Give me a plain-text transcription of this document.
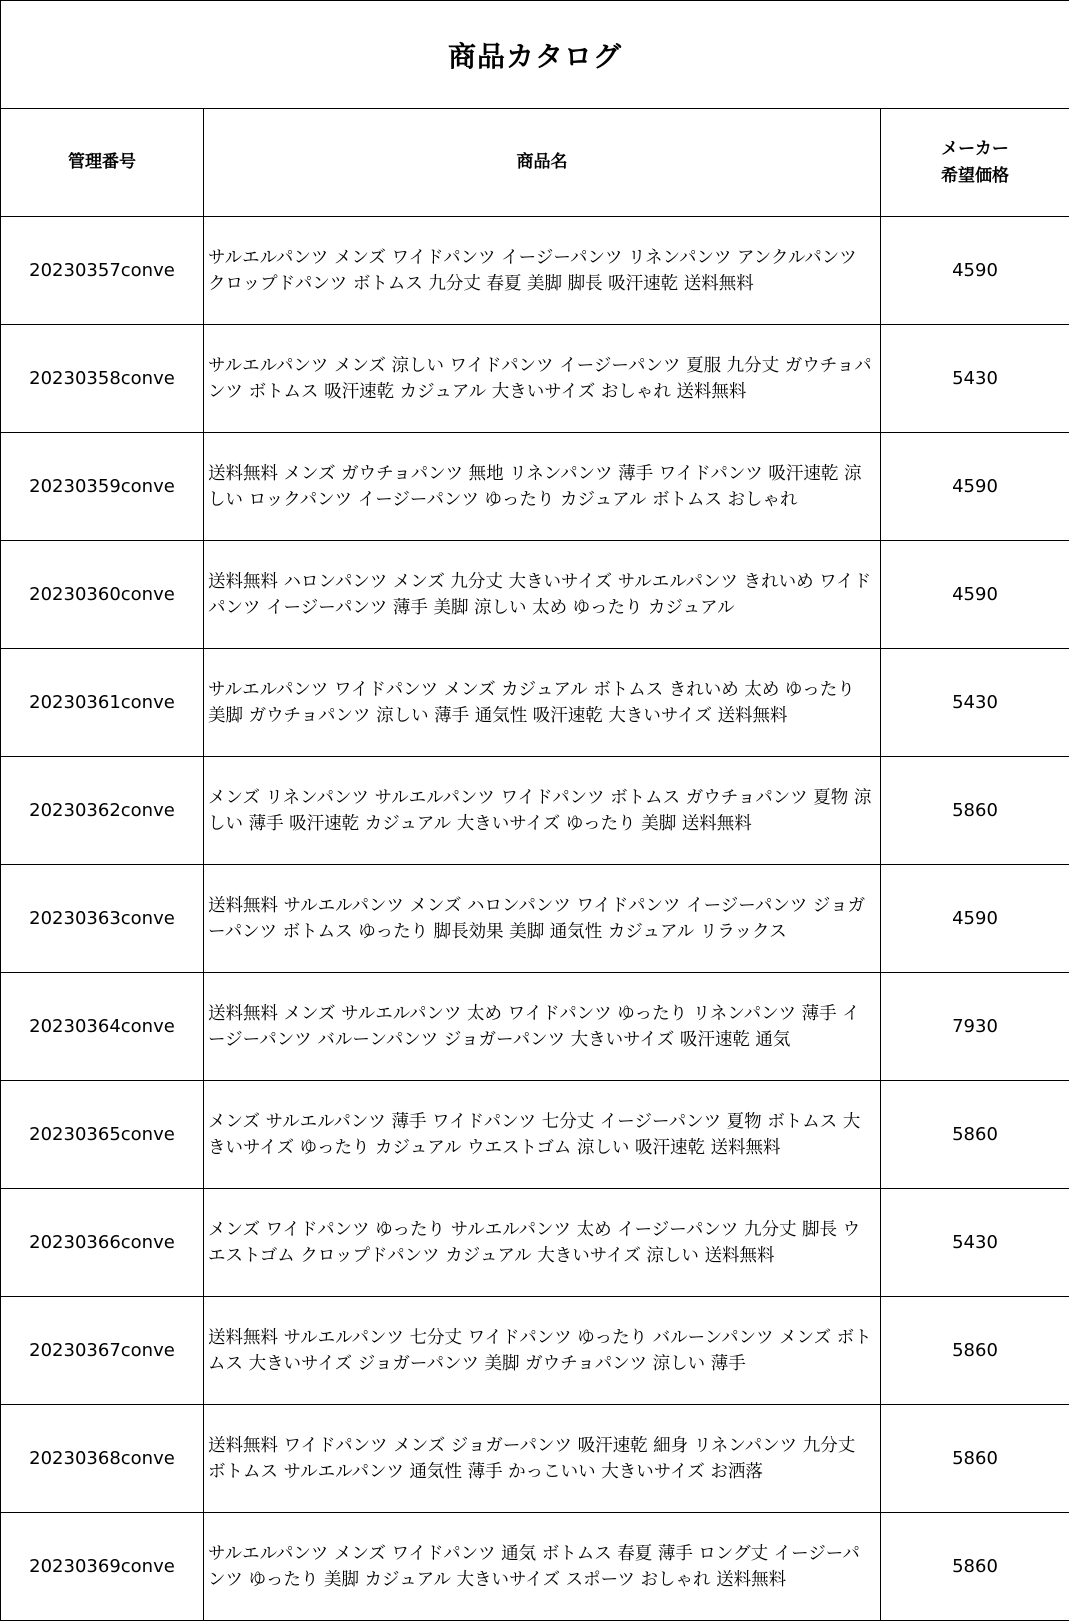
商品カタログ		
管理番号	商品名	メーカー
希望価格

20230357conve	サルエルパンツ メンズ ワイドパンツ イージーパンツ リネンパンツ アンクルパンツ クロップドパンツ ボトムス 九分丈 春夏 美脚 脚長 吸汗速乾 送料無料	4590
20230358conve	サルエルパンツ メンズ 涼しい ワイドパンツ イージーパンツ 夏服 九分丈 ガウチョパンツ ボトムス 吸汗速乾 カジュアル 大きいサイズ おしゃれ 送料無料	5430
20230359conve	送料無料 メンズ ガウチョパンツ 無地 リネンパンツ 薄手 ワイドパンツ 吸汗速乾 涼しい ロックパンツ イージーパンツ ゆったり カジュアル ボトムス おしゃれ	4590
20230360conve	送料無料 ハロンパンツ メンズ 九分丈 大きいサイズ サルエルパンツ きれいめ ワイドパンツ イージーパンツ 薄手 美脚 涼しい 太め ゆったり カジュアル	4590
20230361conve	サルエルパンツ ワイドパンツ メンズ カジュアル ボトムス きれいめ 太め ゆったり 美脚 ガウチョパンツ 涼しい 薄手 通気性 吸汗速乾 大きいサイズ 送料無料	5430
20230362conve	メンズ リネンパンツ サルエルパンツ ワイドパンツ ボトムス ガウチョパンツ 夏物 涼しい 薄手 吸汗速乾 カジュアル 大きいサイズ ゆったり 美脚 送料無料	5860
20230363conve	送料無料 サルエルパンツ メンズ ハロンパンツ ワイドパンツ イージーパンツ ジョガーパンツ ボトムス ゆったり 脚長効果 美脚 通気性 カジュアル リラックス	4590
20230364conve	送料無料 メンズ サルエルパンツ 太め ワイドパンツ ゆったり リネンパンツ 薄手 イージーパンツ バルーンパンツ ジョガーパンツ 大きいサイズ 吸汗速乾 通気	7930
20230365conve	メンズ サルエルパンツ 薄手 ワイドパンツ 七分丈 イージーパンツ 夏物 ボトムス 大きいサイズ ゆったり カジュアル ウエストゴム 涼しい 吸汗速乾 送料無料	5860
20230366conve	メンズ ワイドパンツ ゆったり サルエルパンツ 太め イージーパンツ 九分丈 脚長 ウエストゴム クロップドパンツ カジュアル 大きいサイズ 涼しい 送料無料	5430
20230367conve	送料無料 サルエルパンツ 七分丈 ワイドパンツ ゆったり バルーンパンツ メンズ ボトムス 大きいサイズ ジョガーパンツ 美脚 ガウチョパンツ 涼しい 薄手	5860
20230368conve	送料無料 ワイドパンツ メンズ ジョガーパンツ 吸汗速乾 細身 リネンパンツ 九分丈 ボトムス サルエルパンツ 通気性 薄手 かっこいい 大きいサイズ お洒落	5860
20230369conve	サルエルパンツ メンズ ワイドパンツ 通気 ボトムス 春夏 薄手 ロング丈 イージーパンツ ゆったり 美脚 カジュアル 大きいサイズ スポーツ おしゃれ 送料無料	5860
